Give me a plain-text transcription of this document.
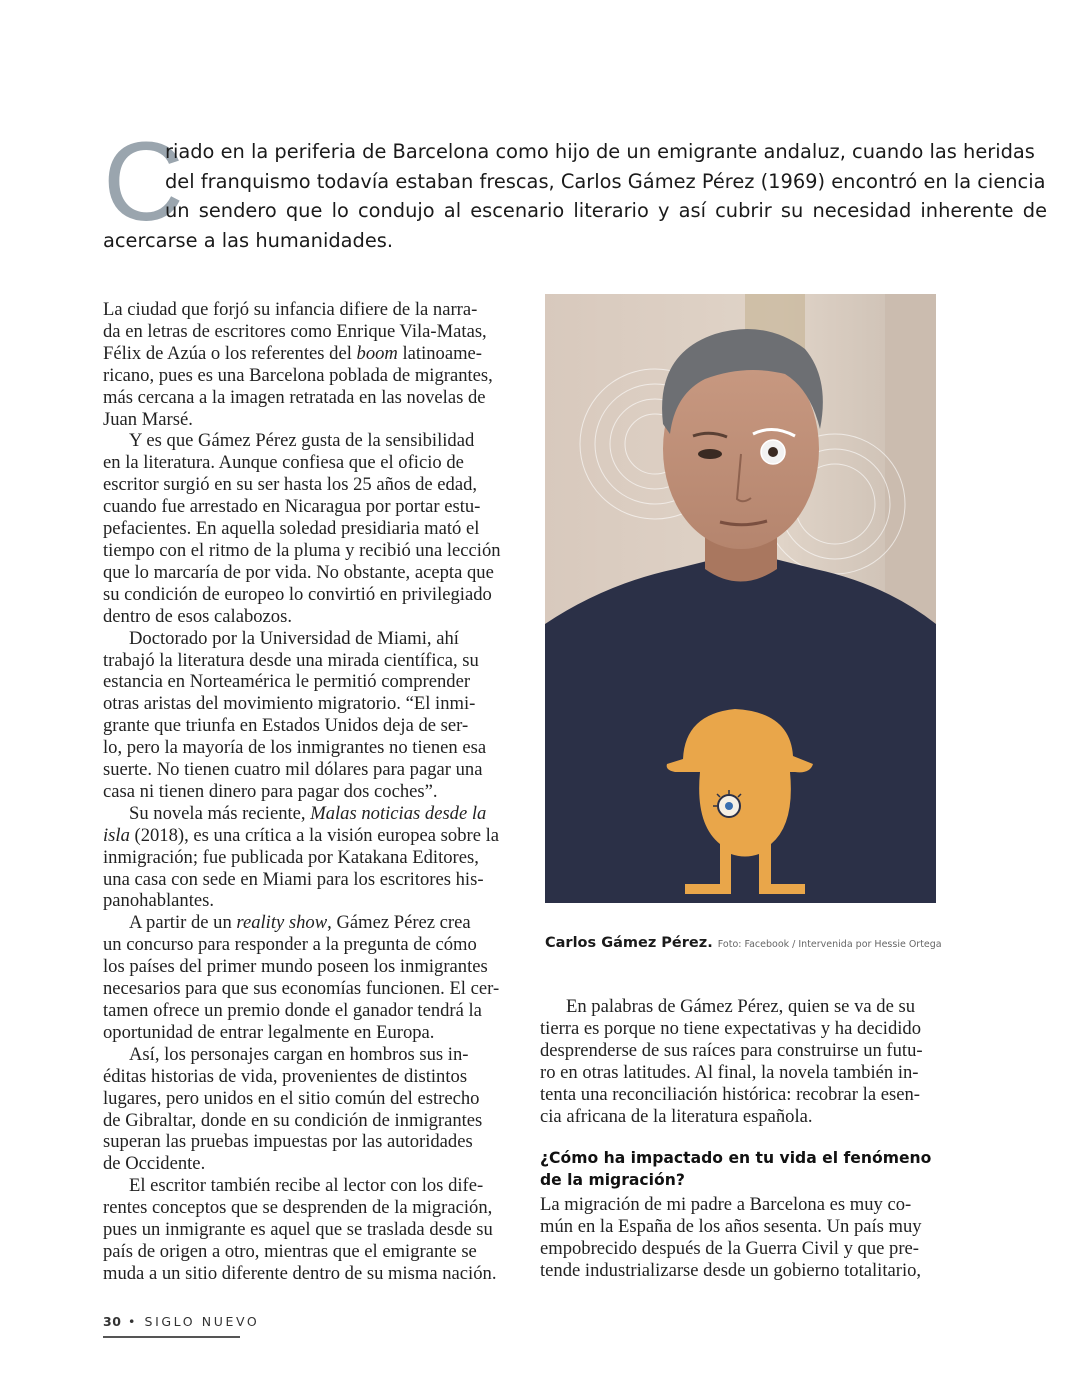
C
riado en la periferia de Barcelona como hijo de un emigrante andaluz, cuando las heridas
del franquismo todavía estaban frescas, Carlos Gámez Pérez (1969) encontró en la ciencia
un sendero que lo condujo al escenario literario y así cubrir su necesidad inherente de
acercarse a las humanidades.
La ciudad que forjó su infancia difiere de la narra-
da en letras de escritores como Enrique Vila-Matas,
Félix de Azúa o los referentes del boom latinoame-
ricano, pues es una Barcelona poblada de migrantes,
más cercana a la imagen retratada en las novelas de
Juan Marsé.
Y es que Gámez Pérez gusta de la sensibilidad
en la literatura. Aunque confiesa que el oficio de
escritor surgió en su ser hasta los 25 años de edad,
cuando fue arrestado en Nicaragua por portar estu-
pefacientes. En aquella soledad presidiaria mató el
tiempo con el ritmo de la pluma y recibió una lección
que lo marcaría de por vida. No obstante, acepta que
su condición de europeo lo convirtió en privilegiado
dentro de esos calabozos.
Doctorado por la Universidad de Miami, ahí
trabajó la literatura desde una mirada científica, su
estancia en Norteamérica le permitió comprender
otras aristas del movimiento migratorio. “El inmi-
grante que triunfa en Estados Unidos deja de ser-
lo, pero la mayoría de los inmigrantes no tienen esa
suerte. No tienen cuatro mil dólares para pagar una
casa ni tienen dinero para pagar dos coches”.
Su novela más reciente, Malas noticias desde la
isla (2018), es una crítica a la visión europea sobre la
inmigración; fue publicada por Katakana Editores,
una casa con sede en Miami para los escritores his-
panohablantes.
A partir de un reality show, Gámez Pérez crea
un concurso para responder a la pregunta de cómo
los países del primer mundo poseen los inmigrantes
necesarios para que sus economías funcionen. El cer-
tamen ofrece un premio donde el ganador tendrá la
oportunidad de entrar legalmente en Europa.
Así, los personajes cargan en hombros sus in-
éditas historias de vida, provenientes de distintos
lugares, pero unidos en el sitio común del estrecho
de Gibraltar, donde en su condición de inmigrantes
superan las pruebas impuestas por las autoridades
de Occidente.
El escritor también recibe al lector con los dife-
rentes conceptos que se desprenden de la migración,
pues un inmigrante es aquel que se traslada desde su
país de origen a otro, mientras que el emigrante se
muda a un sitio diferente dentro de su misma nación.
Carlos Gámez Pérez. Foto: Facebook / Intervenida por Hessie Ortega
En palabras de Gámez Pérez, quien se va de su
tierra es porque no tiene expectativas y ha decidido
desprenderse de sus raíces para construirse un futu-
ro en otras latitudes. Al final, la novela también in-
tenta una reconciliación histórica: recobrar la esen-
cia africana de la literatura española.
¿Cómo ha impactado en tu vida el fenómeno de la migración?
La migración de mi padre a Barcelona es muy co-
mún en la España de los años sesenta. Un país muy
empobrecido después de la Guerra Civil y que pre-
tende industrializarse desde un gobierno totalitario,
30 • SIGLO NUEVO
